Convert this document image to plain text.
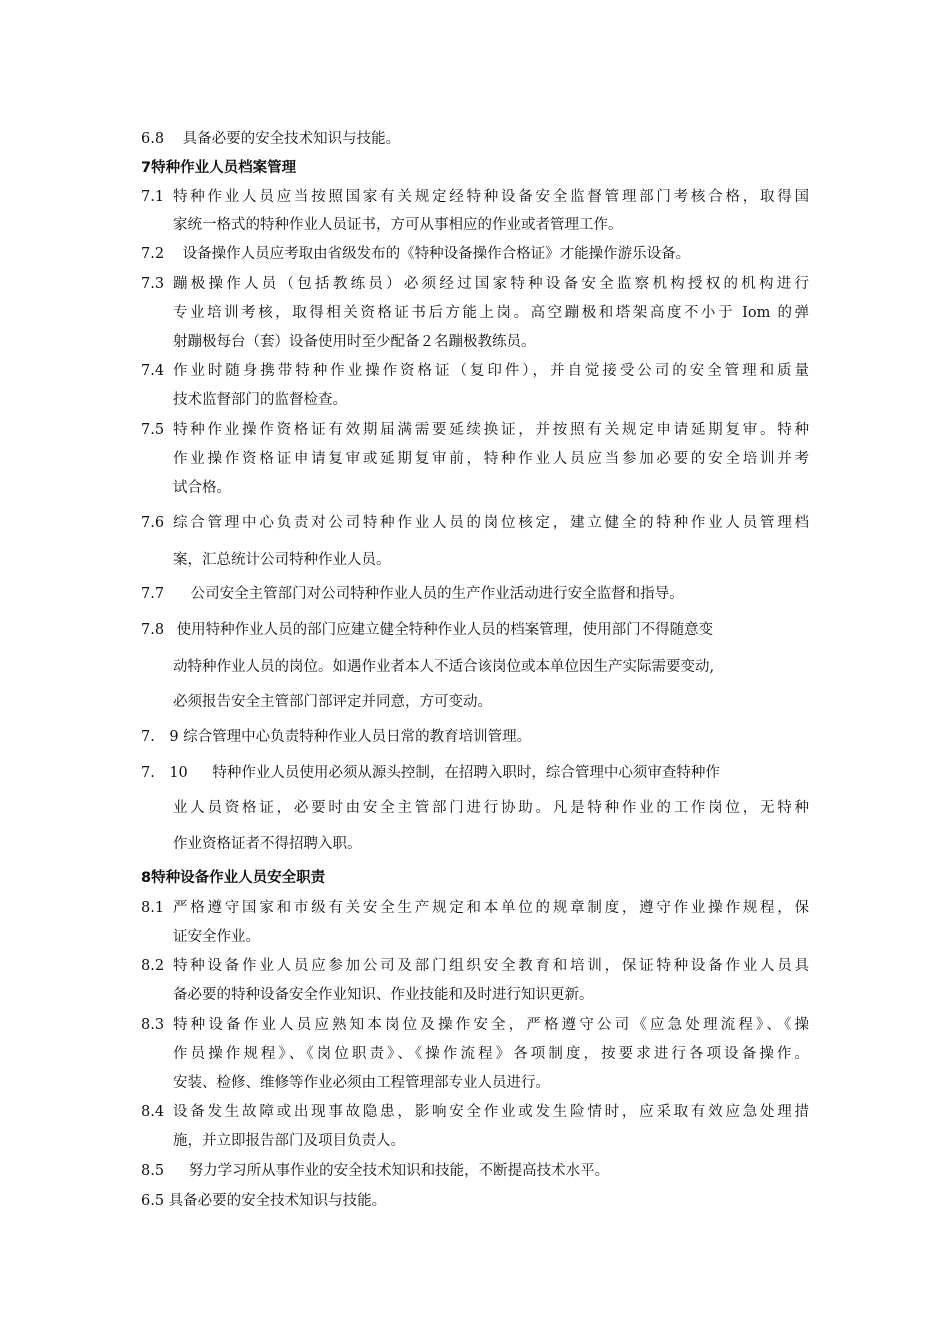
6.8 具备必要的安全技术知识与技能。
7特种作业人员档案管理
7.1 特种作业人员应当按照国家有关规定经特种设备安全监督管理部门考核合格，取得国
家统一格式的特种作业人员证书，方可从事相应的作业或者管理工作。
7.2 设备操作人员应考取由省级发布的《特种设备操作合格证》才能操作游乐设备。
7.3 蹦极操作人员（包括教练员）必须经过国家特种设备安全监察机构授权的机构进行
专业培训考核，取得相关资格证书后方能上岗。高空蹦极和塔架高度不小于 Iom 的弹
射蹦极每台（套）设备使用时至少配备２名蹦极教练员。
7.4 作业时随身携带特种作业操作资格证（复印件），并自觉接受公司的安全管理和质量
技术监督部门的监督检查。
7.5 特种作业操作资格证有效期届满需要延续换证，并按照有关规定申请延期复审。特种
作业操作资格证申请复审或延期复审前，特种作业人员应当参加必要的安全培训并考
试合格。
7.6 综合管理中心负责对公司特种作业人员的岗位核定，建立健全的特种作业人员管理档
案，汇总统计公司特种作业人员。
7.7 公司安全主管部门对公司特种作业人员的生产作业活动进行安全监督和指导。
7.8 使用特种作业人员的部门应建立健全特种作业人员的档案管理，使用部门不得随意变
动特种作业人员的岗位。如遇作业者本人不适合该岗位或本单位因生产实际需要变动,
必须报告安全主管部门部评定并同意，方可变动。
7.　9 综合管理中心负责特种作业人员日常的教育培训管理。
7.　10 特种作业人员使用必须从源头控制，在招聘入职时，综合管理中心须审查特种作
业人员资格证，必要时由安全主管部门进行协助。凡是特种作业的工作岗位，无特种
作业资格证者不得招聘入职。
8特种设备作业人员安全职责
8.1 严格遵守国家和市级有关安全生产规定和本单位的规章制度，遵守作业操作规程，保
证安全作业。
8.2 特种设备作业人员应参加公司及部门组织安全教育和培训，保证特种设备作业人员具
备必要的特种设备安全作业知识、作业技能和及时进行知识更新。
8.3 特种设备作业人员应熟知本岗位及操作安全，严格遵守公司《应急处理流程》、《操
作员操作规程》、《岗位职责》、《操作流程》各项制度，按要求进行各项设备操作。
安装、检修、维修等作业必须由工程管理部专业人员进行。
8.4 设备发生故障或出现事故隐患，影响安全作业或发生险情时，应采取有效应急处理措
施，并立即报告部门及项目负责人。
8.5 努力学习所从事作业的安全技术知识和技能，不断提高技术水平。
6.5 具备必要的安全技术知识与技能。
